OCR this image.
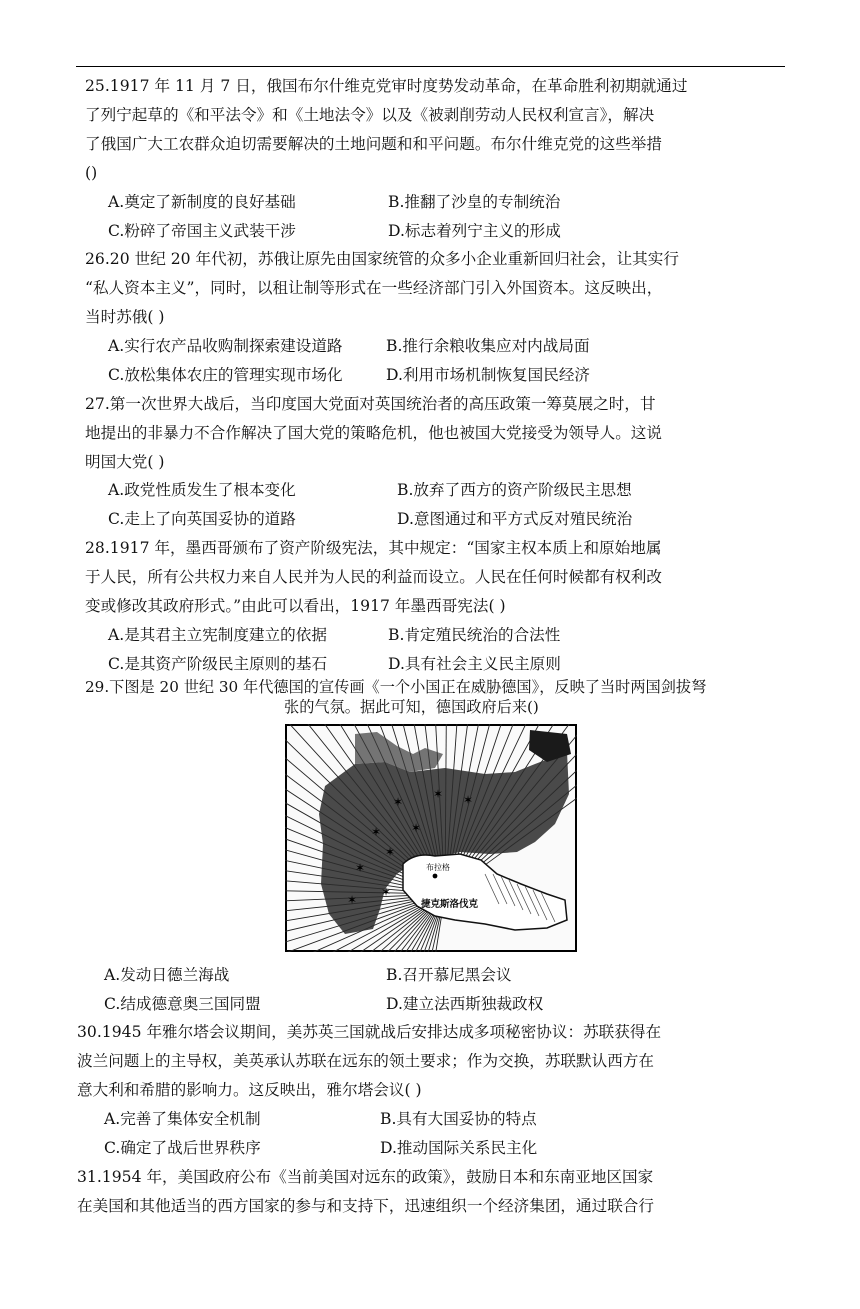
25.1917 年 11 月 7 日，俄国布尔什维克党审时度势发动革命，在革命胜利初期就通过
了列宁起草的《和平法令》和《土地法令》以及《被剥削劳动人民权利宣言》，解决
了俄国广大工农群众迫切需要解决的土地问题和和平问题。布尔什维克党的这些举措
()
A.奠定了新制度的良好基础	B.推翻了沙皇的专制统治
C.粉碎了帝国主义武装干涉	D.标志着列宁主义的形成
26.20 世纪 20 年代初，苏俄让原先由国家统管的众多小企业重新回归社会，让其实行
“私人资本主义”，同时，以租让制等形式在一些经济部门引入外国资本。这反映出，
当时苏俄( )
A.实行农产品收购制探索建设道路	B.推行余粮收集应对内战局面
C.放松集体农庄的管理实现市场化	D.利用市场机制恢复国民经济
27.第一次世界大战后，当印度国大党面对英国统治者的高压政策一筹莫展之时，甘
地提出的非暴力不合作解决了国大党的策略危机，他也被国大党接受为领导人。这说
明国大党( )
A.政党性质发生了根本变化	B.放弃了西方的资产阶级民主思想
C.走上了向英国妥协的道路	D.意图通过和平方式反对殖民统治
28.1917 年，墨西哥颁布了资产阶级宪法，其中规定：“国家主权本质上和原始地属
于人民，所有公共权力来自人民并为人民的利益而设立。人民在任何时候都有权利改
变或修改其政府形式。”由此可以看出，1917 年墨西哥宪法( )
A.是其君主立宪制度建立的依据	B.肯定殖民统治的合法性
C.是其资产阶级民主原则的基石	D.具有社会主义民主原则
29.下图是 20 世纪 30 年代德国的宣传画《一个小国正在威胁德国》，反映了当时两国剑拔弩
张的气氛。据此可知，德国政府后来()
✶
✶ ✶
✶ ✶
✶
✶
✶
✶
布拉格
捷克斯洛伐克
A.发动日德兰海战	B.召开慕尼黑会议
C.结成德意奥三国同盟	D.建立法西斯独裁政权
30.1945 年雅尔塔会议期间，美苏英三国就战后安排达成多项秘密协议：苏联获得在
波兰问题上的主导权，美英承认苏联在远东的领土要求；作为交换，苏联默认西方在
意大利和希腊的影响力。这反映出，雅尔塔会议( )
A.完善了集体安全机制	B.具有大国妥协的特点
C.确定了战后世界秩序	D.推动国际关系民主化
31.1954 年，美国政府公布《当前美国对远东的政策》，鼓励日本和东南亚地区国家
在美国和其他适当的西方国家的参与和支持下，迅速组织一个经济集团，通过联合行
